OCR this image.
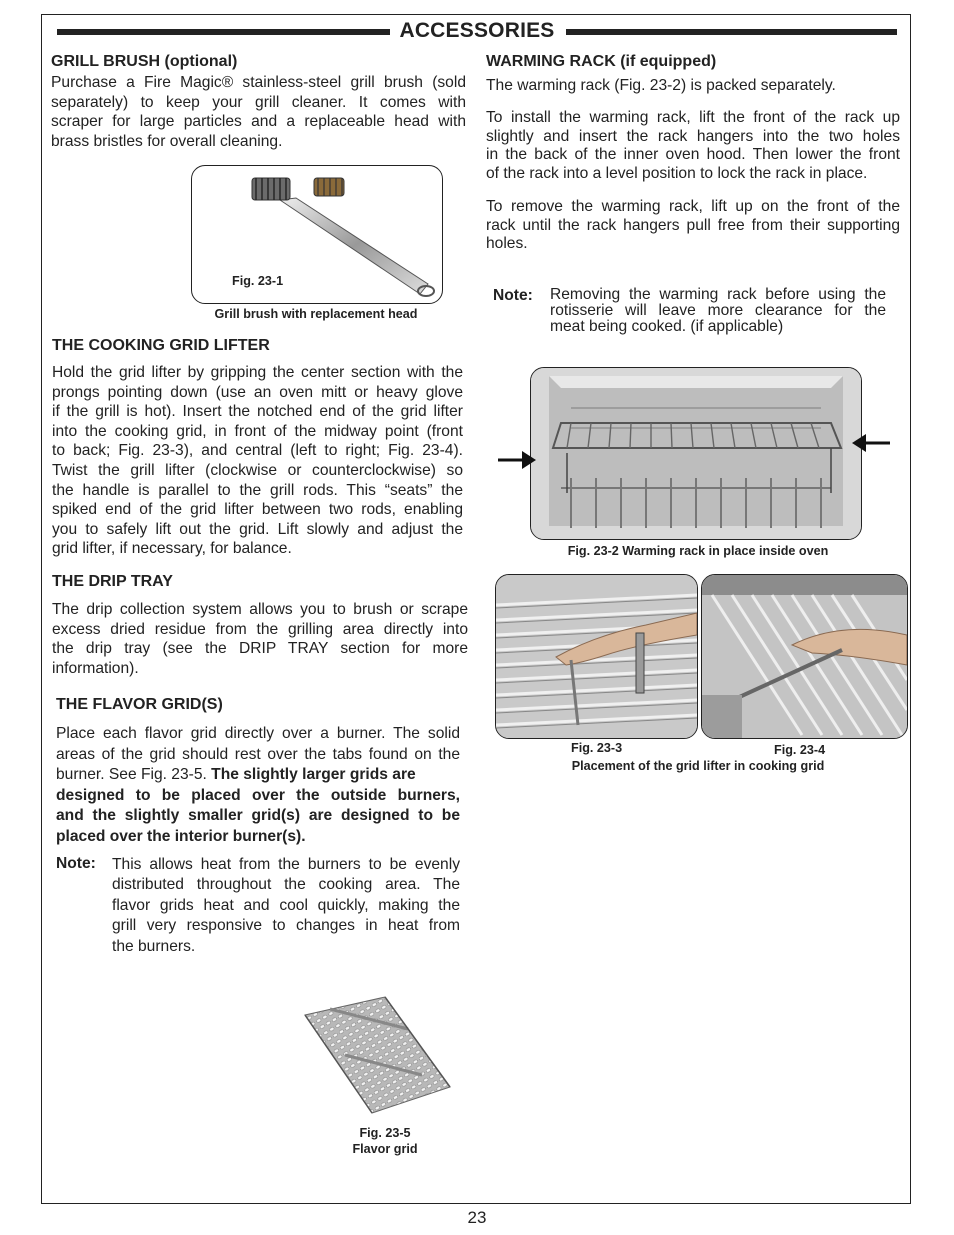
ACCESSORIES
GRILL BRUSH (optional)

Purchase a Fire Magic® stainless-steel grill brush (sold

separately) to keep your grill cleaner. It comes with

scraper for large particles and a replaceable head with

brass bristles for overall cleaning.

Fig. 23-1
Grill brush with replacement head
THE COOKING GRID LIFTER

Hold the grid lifter by gripping the center section with the

prongs pointing down (use an oven mitt or heavy glove

if the grill is hot). Insert the notched end of the grid lifter

into the cooking grid, in front of the midway point (front

to back; Fig. 23-3), and central (left to right; Fig. 23-4).

Twist the grill lifter (clockwise or counterclockwise) so

the handle is parallel to the grill rods. This “seats” the

spiked end of the grid lifter between two rods, enabling

you to safely lift out the grid. Lift slowly and adjust the

grid lifter, if necessary, for balance.

THE DRIP TRAY

The drip collection system allows you to brush or scrape

excess dried residue from the grilling area directly into

the drip tray (see the DRIP TRAY section for more

information).

THE FLAVOR GRID(S)

Place each flavor grid directly over a burner. The solid

areas of the grid should rest over the tabs found on the

burner. See Fig. 23-5. The slightly larger grids are

designed to be placed over the outside burners,

and the slightly smaller grid(s) are designed to be

placed over the interior burner(s).

Note: This allows heat from the burners to be evenly

distributed throughout the cooking area. The

flavor grids heat and cool quickly, making the

grill very responsive to changes in heat from

the burners.

Fig. 23-5
Flavor grid
WARMING RACK (if equipped)

The warming rack (Fig. 23-2) is packed separately.

To install the warming rack, lift the front of the rack up

slightly and insert the rack hangers into the two holes

in the back of the inner oven hood. Then lower the front

of the rack into a level position to lock the rack in place.

To remove the warming rack, lift up on the front of the

rack until the rack hangers pull free from their supporting

holes.

Note: Removing the warming rack before using the

rotisserie will leave more clearance for the

meat being cooked. (if applicable)

Fig. 23-2 Warming rack in place inside oven
Fig. 23-3	Fig. 23-4
Placement of the grid lifter in cooking grid
23
